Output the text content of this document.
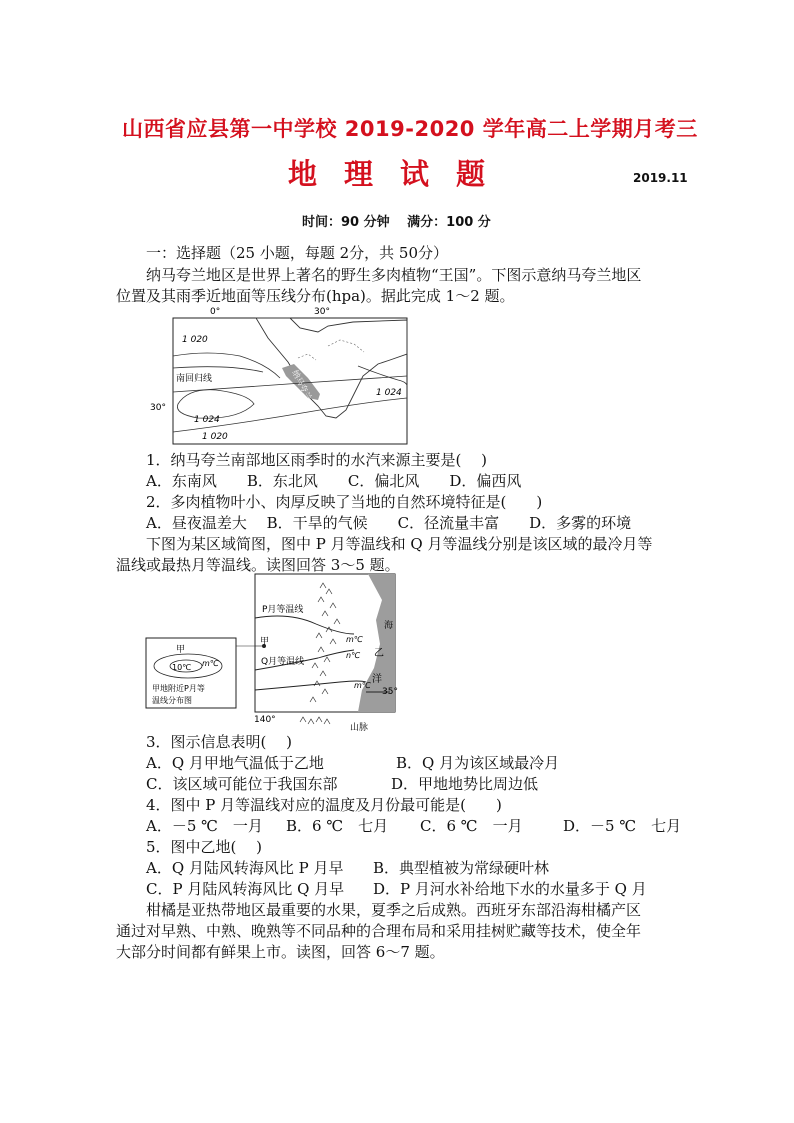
山西省应县第一中学校 2019-2020 学年高二上学期月考三
地理试题	2019.11
时间：90 分钟　 满分：100 分
一：选择题（25 小题，每题 2分，共 50分）
纳马夸兰地区是世界上著名的野生多肉植物“王国”。下图示意纳马夸兰地区
位置及其雨季近地面等压线分布(hpa)。据此完成 1～2 题。
0°	30°
30°
1 020
1 024
1 020
1 024
南回归线	纳马夸兰
1．纳马夸兰南部地区雨季时的水汽来源主要是(　 )
A．东南风　　B．东北风　　C．偏北风　　D．偏西风
2．多肉植物叶小、肉厚反映了当地的自然环境特征是(　　)
A．昼夜温差大　 B．干旱的气候　　C．径流量丰富　　D．多雾的环境
下图为某区域简图，图中 P 月等温线和 Q 月等温线分别是该区域的最冷月等
温线或最热月等温线。读图回答 3～5 题。
P月等温线
Q月等温线
甲
乙
海
洋
35°
140°
山脉
m℃
n℃
m℃
甲
10℃ m℃
甲地附近P月等
温线分布图
3．图示信息表明(　 )
A．Q 月甲地气温低于乙地	B．Q 月为该区域最冷月
C．该区域可能位于我国东部	D．甲地地势比周边低
4．图中 P 月等温线对应的温度及月份最可能是(　　)
A．－5 ℃　一月 B．6 ℃　七月 C．6 ℃　一月	D．－5 ℃　七月
5．图中乙地(　 )
A．Q 月陆风转海风比 P 月早 B．典型植被为常绿硬叶林
C．P 月陆风转海风比 Q 月早 D．P 月河水补给地下水的水量多于 Q 月
柑橘是亚热带地区最重要的水果，夏季之后成熟。西班牙东部沿海柑橘产区
通过对早熟、中熟、晚熟等不同品种的合理布局和采用挂树贮藏等技术，使全年
大部分时间都有鲜果上市。读图，回答 6～7 题。
